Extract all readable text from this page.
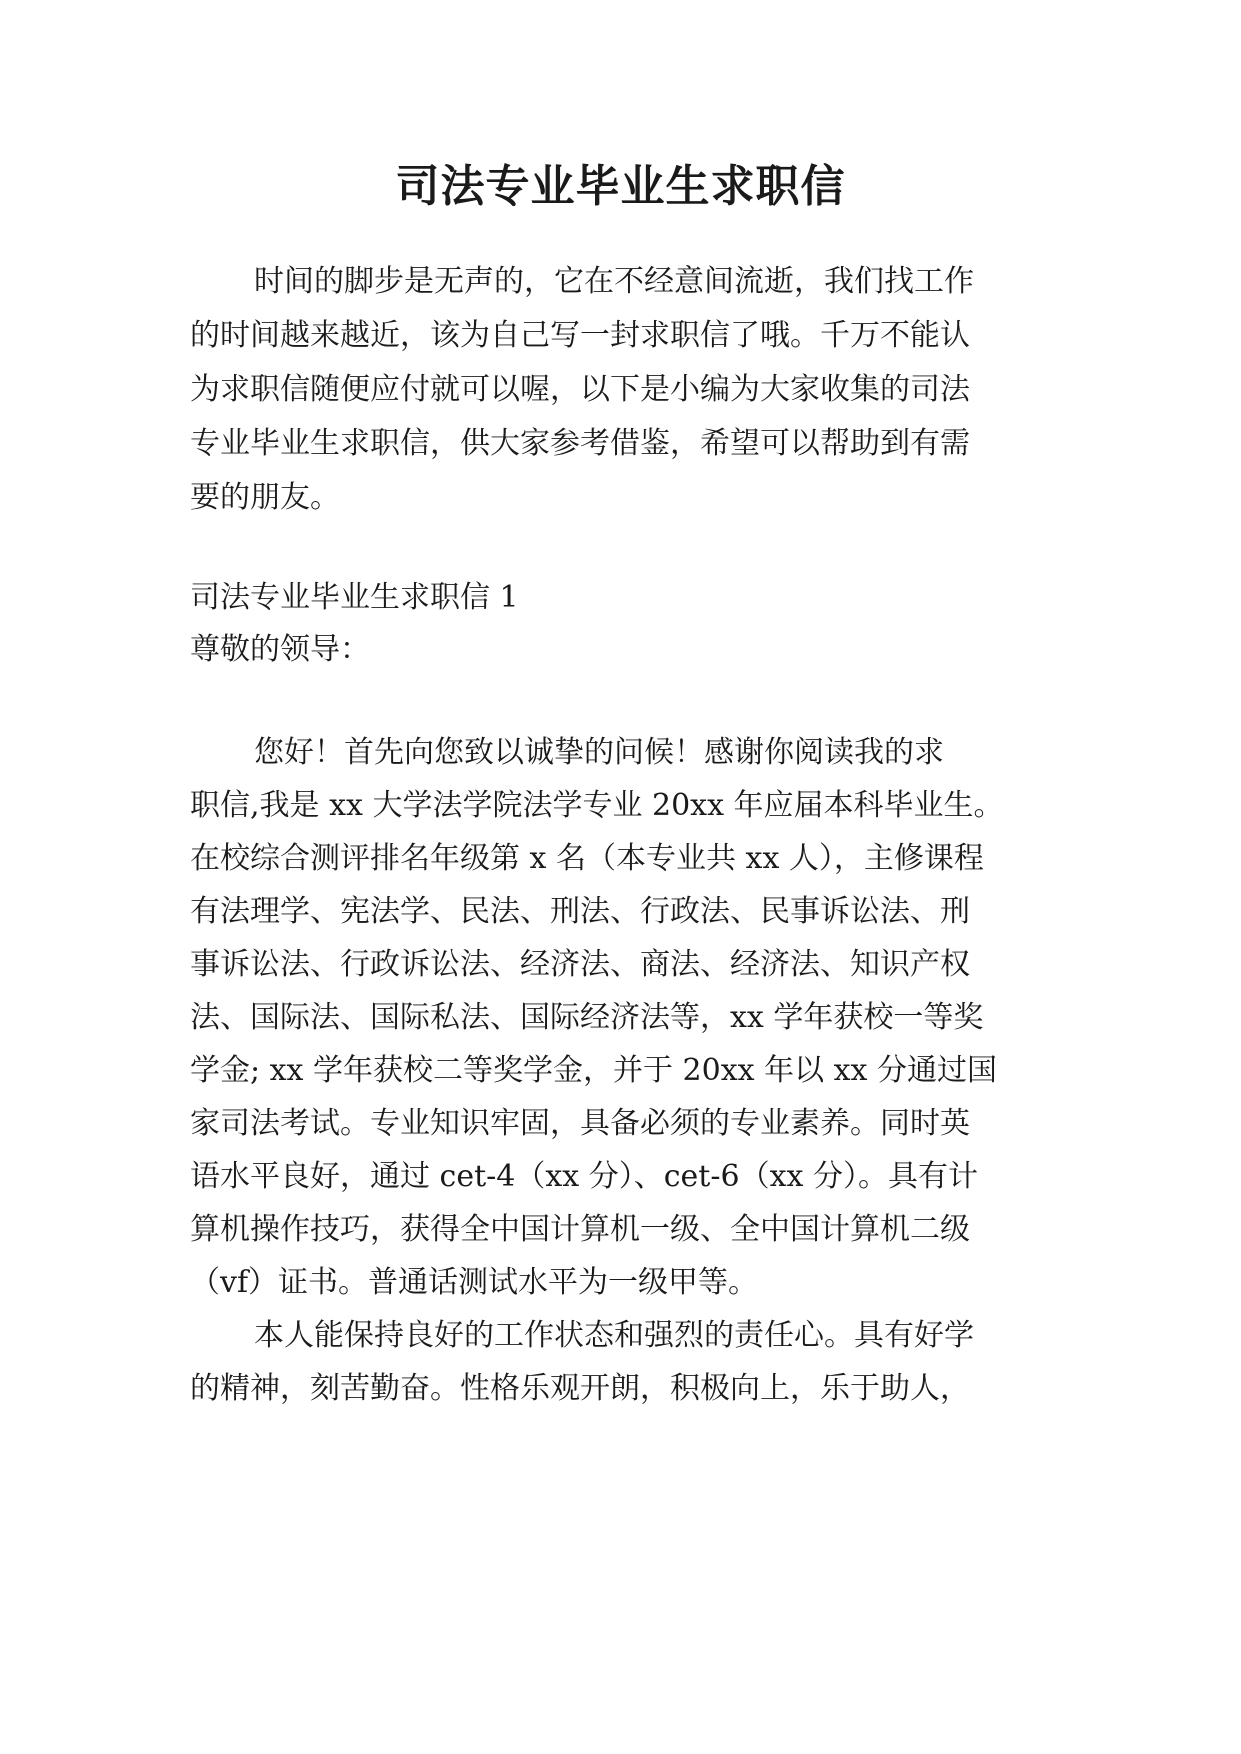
司法专业毕业生求职信
时间的脚步是无声的，它在不经意间流逝，我们找工作
的时间越来越近，该为自己写一封求职信了哦。千万不能认
为求职信随便应付就可以喔，以下是小编为大家收集的司法
专业毕业生求职信，供大家参考借鉴，希望可以帮助到有需
要的朋友。
司法专业毕业生求职信 1
尊敬的领导：
您好！首先向您致以诚挚的问候！感谢你阅读我的求
职信,我是 xx 大学法学院法学专业 20xx 年应届本科毕业生。
在校综合测评排名年级第 x 名（本专业共 xx 人），主修课程
有法理学、宪法学、民法、刑法、行政法、民事诉讼法、刑
事诉讼法、行政诉讼法、经济法、商法、经济法、知识产权
法、国际法、国际私法、国际经济法等，xx 学年获校一等奖
学金; xx 学年获校二等奖学金，并于 20xx 年以 xx 分通过国
家司法考试。专业知识牢固，具备必须的专业素养。同时英
语水平良好，通过 cet-4（xx 分）、cet-6（xx 分）。具有计
算机操作技巧，获得全中国计算机一级、全中国计算机二级
（vf）证书。普通话测试水平为一级甲等。
本人能保持良好的工作状态和强烈的责任心。具有好学
的精神，刻苦勤奋。性格乐观开朗，积极向上，乐于助人，
